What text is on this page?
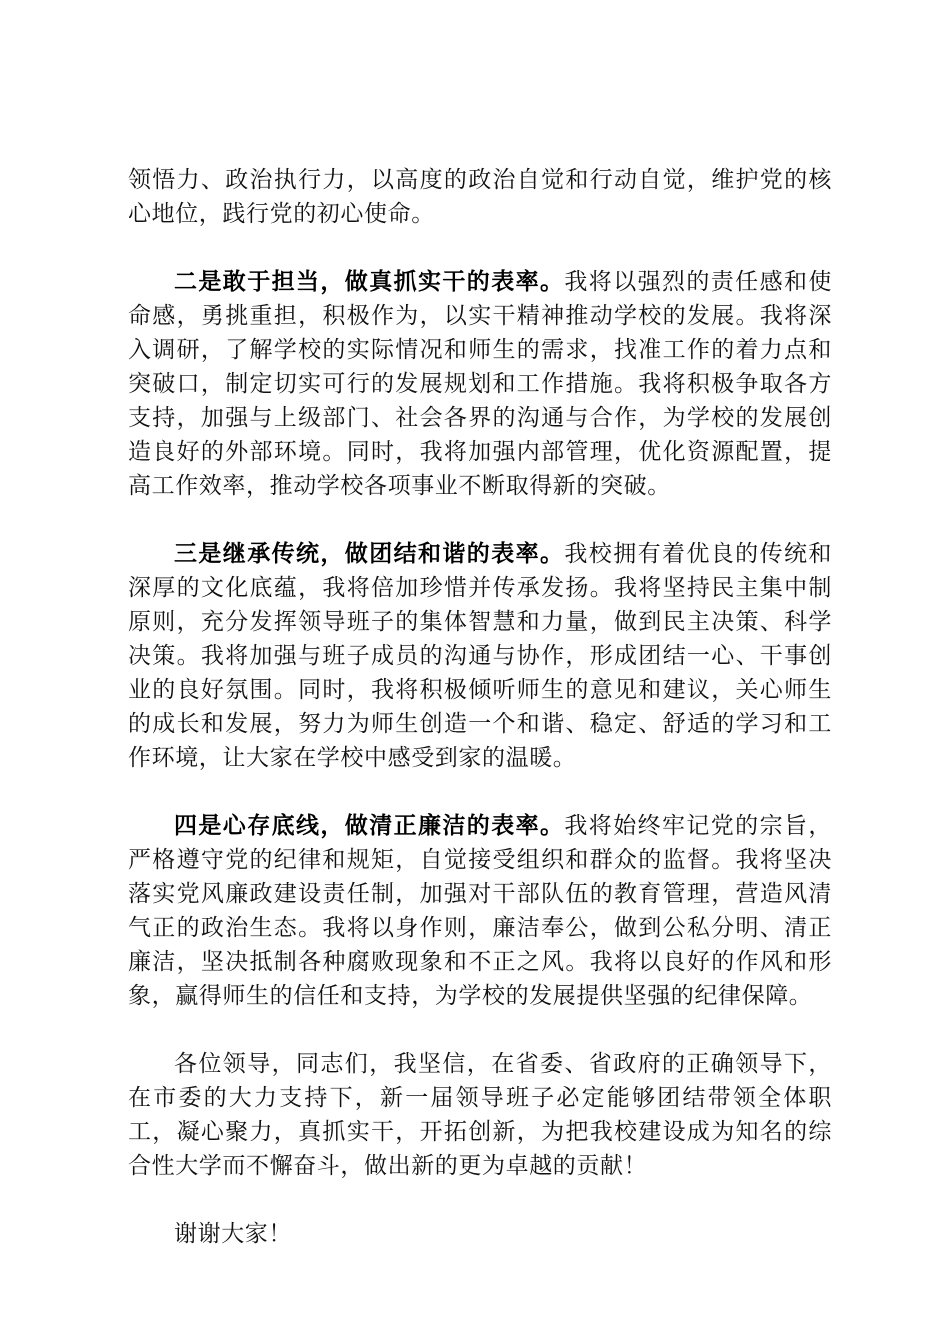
领悟力、政治执行力，以高度的政治自觉和行动自觉，维护党的核心地位，践行党的初心使命。

二是敢于担当，做真抓实干的表率。我将以强烈的责任感和使命感，勇挑重担，积极作为，以实干精神推动学校的发展。我将深入调研，了解学校的实际情况和师生的需求，找准工作的着力点和突破口，制定切实可行的发展规划和工作措施。我将积极争取各方支持，加强与上级部门、社会各界的沟通与合作，为学校的发展创造良好的外部环境。同时，我将加强内部管理，优化资源配置，提高工作效率，推动学校各项事业不断取得新的突破。

三是继承传统，做团结和谐的表率。我校拥有着优良的传统和深厚的文化底蕴，我将倍加珍惜并传承发扬。我将坚持民主集中制原则，充分发挥领导班子的集体智慧和力量，做到民主决策、科学决策。我将加强与班子成员的沟通与协作，形成团结一心、干事创业的良好氛围。同时，我将积极倾听师生的意见和建议，关心师生的成长和发展，努力为师生创造一个和谐、稳定、舒适的学习和工作环境，让大家在学校中感受到家的温暖。

四是心存底线，做清正廉洁的表率。我将始终牢记党的宗旨，严格遵守党的纪律和规矩，自觉接受组织和群众的监督。我将坚决落实党风廉政建设责任制，加强对干部队伍的教育管理，营造风清气正的政治生态。我将以身作则，廉洁奉公，做到公私分明、清正廉洁，坚决抵制各种腐败现象和不正之风。我将以良好的作风和形象，赢得师生的信任和支持，为学校的发展提供坚强的纪律保障。

各位领导，同志们，我坚信，在省委、省政府的正确领导下，在市委的大力支持下，新一届领导班子必定能够团结带领全体职工，凝心聚力，真抓实干，开拓创新，为把我校建设成为知名的综合性大学而不懈奋斗，做出新的更为卓越的贡献！

谢谢大家！
